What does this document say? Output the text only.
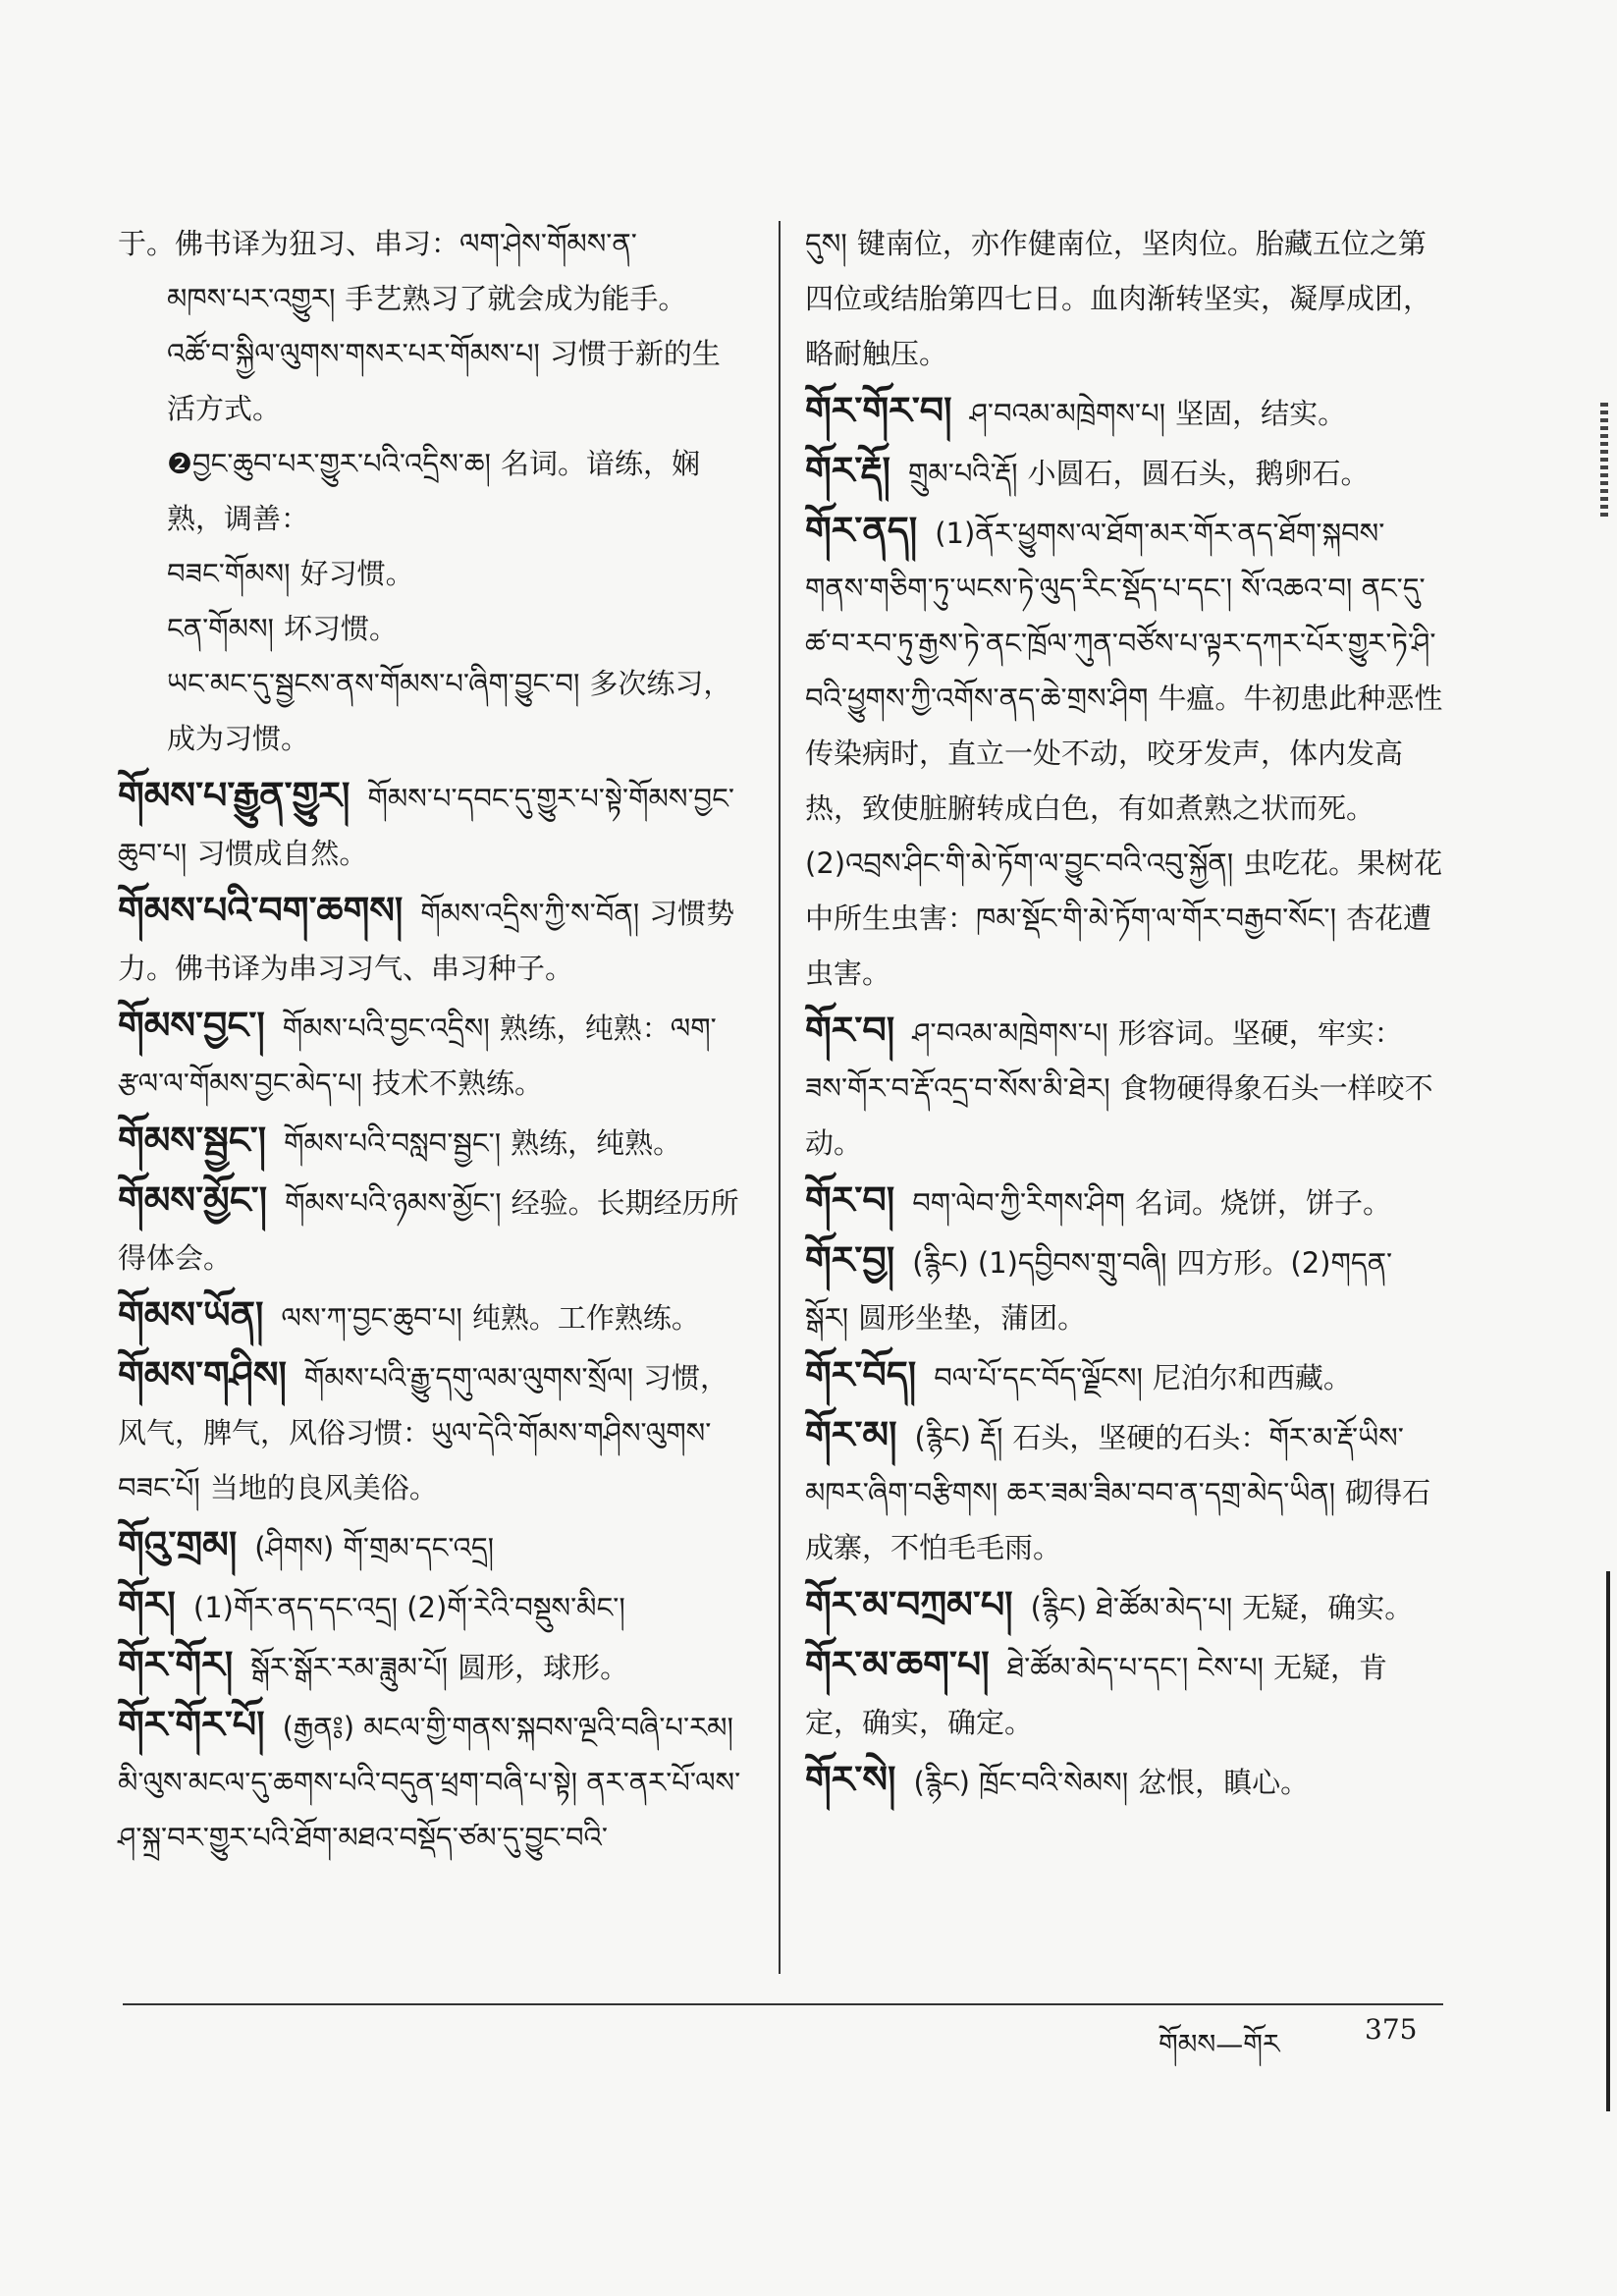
于。佛书译为狃习、串习：ལག་ཤེས་གོམས་ན་
མཁས་པར་འགྱུར། 手艺熟习了就会成为能手。
འཚོ་བ་སྐྱིལ་ལུགས་གསར་པར་གོམས་པ། 习惯于新的生活方式。
❷བྱང་ཆུབ་པར་གྱུར་པའི་འདྲིས་ཆ། 名词。谙练，娴熟，调善：
བཟང་གོམས། 好习惯。
ངན་གོམས། 坏习惯。
ཡང་མང་དུ་སྦྱངས་ནས་གོམས་པ་ཞིག་བྱུང་བ། 多次练习，成为习惯。
གོམས་པ་རྒྱུན་གྱུར། གོམས་པ་དབང་དུ་གྱུར་པ་སྟེ་གོམས་བྱང་ཆུབ་པ། 习惯成自然。
གོམས་པའི་བག་ཆགས། གོམས་འདྲིས་ཀྱི་ས་བོན། 习惯势力。佛书译为串习习气、串习种子。
གོམས་བྱང་། གོམས་པའི་བྱང་འདྲིས། 熟练，纯熟：ལག་རྩལ་ལ་གོམས་བྱང་མེད་པ། 技术不熟练。
གོམས་སྦྱང་། གོམས་པའི་བསླབ་སྦྱང་། 熟练，纯熟。
གོམས་མྱོང་། གོམས་པའི་ཉམས་མྱོང་། 经验。长期经历所得体会。
གོམས་ཡོན། ལས་ཀ་བྱང་ཆུབ་པ། 纯熟。工作熟练。
གོམས་གཤིས། གོམས་པའི་རྒྱུ་དགུ་ལམ་ལུགས་སྲོལ། 习惯，风气，脾气，风俗习惯：ཡུལ་དེའི་གོམས་གཤིས་ལུགས་བཟང་པོ། 当地的良风美俗。
གོའུ་གྲམ། (ཤིགས) གོ་གྲམ་དང་འདྲ།
གོར། (1)གོར་ནད་དང་འདྲ། (2)གོ་རེའི་བསྡུས་མིང་།
གོར་གོར། སྒོར་སྒོར་རམ་ཟླུམ་པོ། 圆形，球形。
གོར་གོར་པོ། (རྒྱན༔) མངལ་གྱི་གནས་སྐབས་ལྔའི་བཞི་པ་རམ། མི་ལུས་མངལ་དུ་ཆགས་པའི་བདུན་ཕྲག་བཞི་པ་སྟེ། ནར་ནར་པོ་ལས་ཤ་སྐྲ་བར་གྱུར་པའི་ཐོག་མཐའ་བསྡོད་ཙམ་དུ་བྱུང་བའི་
དུས། 键南位，亦作健南位，坚肉位。胎藏五位之第四位或结胎第四七日。血肉渐转坚实，凝厚成团，略耐触压。
གོར་གོར་བ། ཤ་བའམ་མཁྲེགས་པ། 坚固，结实。
གོར་རྡོ། གྲུམ་པའི་རྡོ། 小圆石，圆石头，鹅卵石。
གོར་ནད། (1)ནོར་ཕྱུགས་ལ་ཐོག་མར་གོར་ནད་ཐོག་སྐབས་གནས་གཅིག་ཏུ་ཡངས་ཏེ་ལུད་རིང་སྡོད་པ་དང་། སོ་འཆའ་བ། ནང་དུ་ཚ་བ་རབ་ཏུ་རྒྱས་ཏེ་ནང་ཁྲོལ་ཀུན་བཙོས་པ་ལྟར་དཀར་པོར་གྱུར་ཏེ་ཤི་བའི་ཕྱུགས་ཀྱི་འགོས་ནད་ཆེ་གྲས་ཤིག 牛瘟。牛初患此种恶性传染病时，直立一处不动，咬牙发声，体内发高热，致使脏腑转成白色，有如煮熟之状而死。(2)འབྲས་ཤིང་གི་མེ་ཏོག་ལ་བྱུང་བའི་འབུ་སྐྱོན། 虫吃花。果树花中所生虫害：ཁམ་སྡོང་གི་མེ་ཏོག་ལ་གོར་བརྒྱབ་སོང་། 杏花遭虫害。
གོར་བ། ཤ་བའམ་མཁྲེགས་པ། 形容词。坚硬，牢实：ཟས་གོར་བ་རྡོ་འདྲ་བ་སོས་མི་ཐེར། 食物硬得象石头一样咬不动。
གོར་བ། བག་ལེབ་ཀྱི་རིགས་ཤིག 名词。烧饼，饼子。
གོར་བྱ། (རྙིང) (1)དབྱིབས་གྲུ་བཞི། 四方形。(2)གདན་སྒོར། 圆形坐垫，蒲团。
གོར་བོད། བལ་པོ་དང་བོད་ལྗོངས། 尼泊尔和西藏。
གོར་མ། (རྙིང) རྡོ། 石头，坚硬的石头：གོར་མ་རྡོ་ཡིས་མཁར་ཞིག་བརྩིགས། ཆར་ཟམ་ཟིམ་བབ་ན་དགྲ་མེད་ཡིན། 砌得石成寨，不怕毛毛雨。
གོར་མ་བཀྲམ་པ། (རྙིང) ཐེ་ཚོམ་མེད་པ། 无疑，确实。
གོར་མ་ཆག་པ། ཐེ་ཚོམ་མེད་པ་དང་། ངེས་པ། 无疑，肯定，确实，确定。
གོར་སེ། (རྙིང) ཁྲོང་བའི་སེམས། 忿恨，瞋心。
གོམས—གོར	375
